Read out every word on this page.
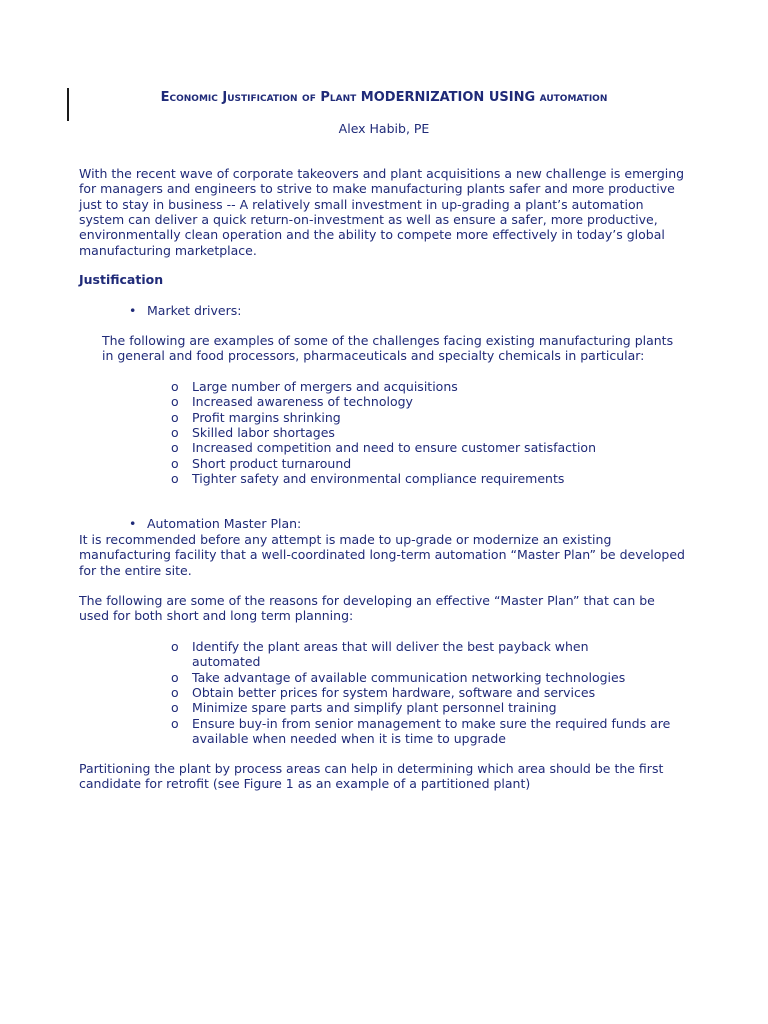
Economic Justification of Plant MODERNIZATION USING automation
Alex Habib, PE
With the recent wave of corporate takeovers and plant acquisitions a new challenge is emerging
for managers and engineers to strive to make manufacturing plants safer and more productive
just to stay in business -- A relatively small investment in up-grading a plant’s automation
system can deliver a quick return-on-investment as well as ensure a safer, more productive,
environmentally clean operation and the ability to compete more effectively in today’s global
manufacturing marketplace.
Justification
• Market drivers:
The following are examples of some of the challenges facing existing manufacturing plants
in general and food processors, pharmaceuticals and specialty chemicals in particular:
o Large number of mergers and acquisitions
o Increased awareness of technology
o Profit margins shrinking
o Skilled labor shortages
o Increased competition and need to ensure customer satisfaction
o Short product turnaround
o Tighter safety and environmental compliance requirements
• Automation Master Plan:
It is recommended before any attempt is made to up-grade or modernize an existing
manufacturing facility that a well-coordinated long-term automation “Master Plan” be developed
for the entire site.
The following are some of the reasons for developing an effective “Master Plan” that can be
used for both short and long term planning:
o Identify the plant areas that will deliver the best payback when
automated
o Take advantage of available communication networking technologies
o Obtain better prices for system hardware, software and services
o Minimize spare parts and simplify plant personnel training
o Ensure buy-in from senior management to make sure the required funds are
available when needed when it is time to upgrade
Partitioning the plant by process areas can help in determining which area should be the first
candidate for retrofit (see Figure 1 as an example of a partitioned plant)
